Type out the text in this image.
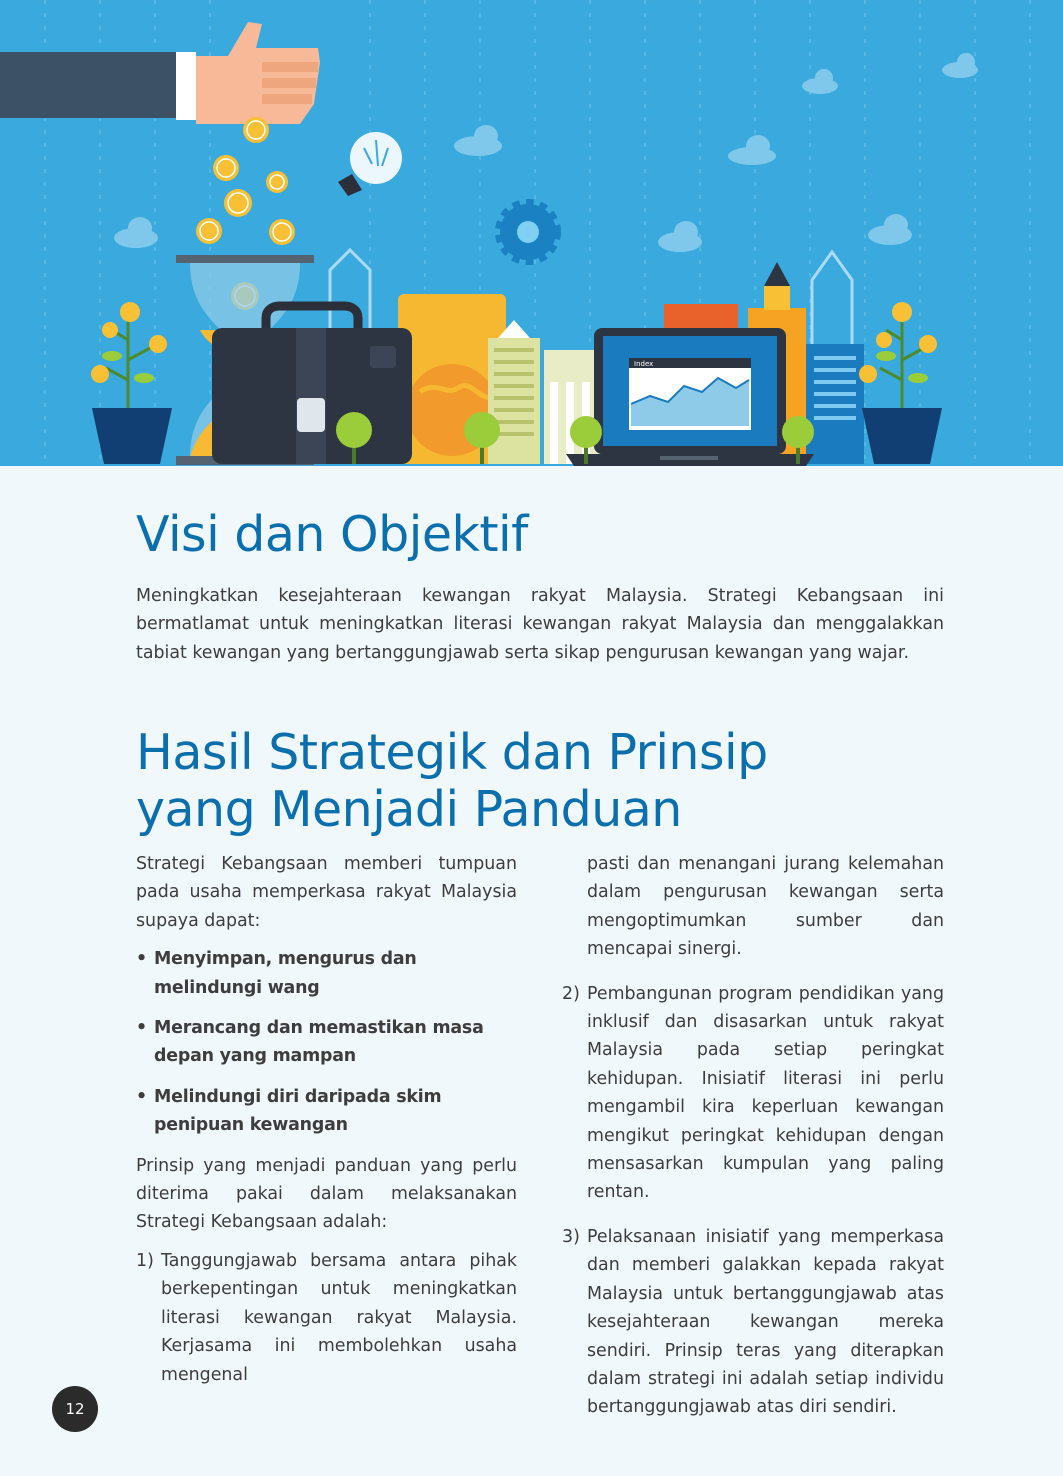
Index
Visi dan Objektif

Meningkatkan kesejahteraan kewangan rakyat Malaysia. Strategi Kebangsaan ini bermatlamat untuk meningkatkan literasi kewangan rakyat Malaysia dan menggalakkan tabiat kewangan yang bertanggungjawab serta sikap pengurusan kewangan yang wajar.

Hasil Strategik dan Prinsip
yang Menjadi Panduan

Strategi Kebangsaan memberi tumpuan pada usaha memperkasa rakyat Malaysia supaya dapat:

• Menyimpan, mengurus dan melindungi wang
• Merancang dan memastikan masa depan yang mampan
• Melindungi diri daripada skim penipuan kewangan

Prinsip yang menjadi panduan yang perlu diterima pakai dalam melaksanakan Strategi Kebangsaan adalah:

1) Tanggungjawab bersama antara pihak berkepentingan untuk meningkatkan literasi kewangan rakyat Malaysia. Kerjasama ini membolehkan usaha mengenal

pasti dan menangani jurang kelemahan dalam pengurusan kewangan serta mengoptimumkan sumber dan mencapai sinergi.

2) Pembangunan program pendidikan yang inklusif dan disasarkan untuk rakyat Malaysia pada setiap peringkat kehidupan. Inisiatif literasi ini perlu mengambil kira keperluan kewangan mengikut peringkat kehidupan dengan mensasarkan kumpulan yang paling rentan.
3) Pelaksanaan inisiatif yang memperkasa dan memberi galakkan kepada rakyat Malaysia untuk bertanggungjawab atas kesejahteraan kewangan mereka sendiri. Prinsip teras yang diterapkan dalam strategi ini adalah setiap individu bertanggungjawab atas diri sendiri.
12
